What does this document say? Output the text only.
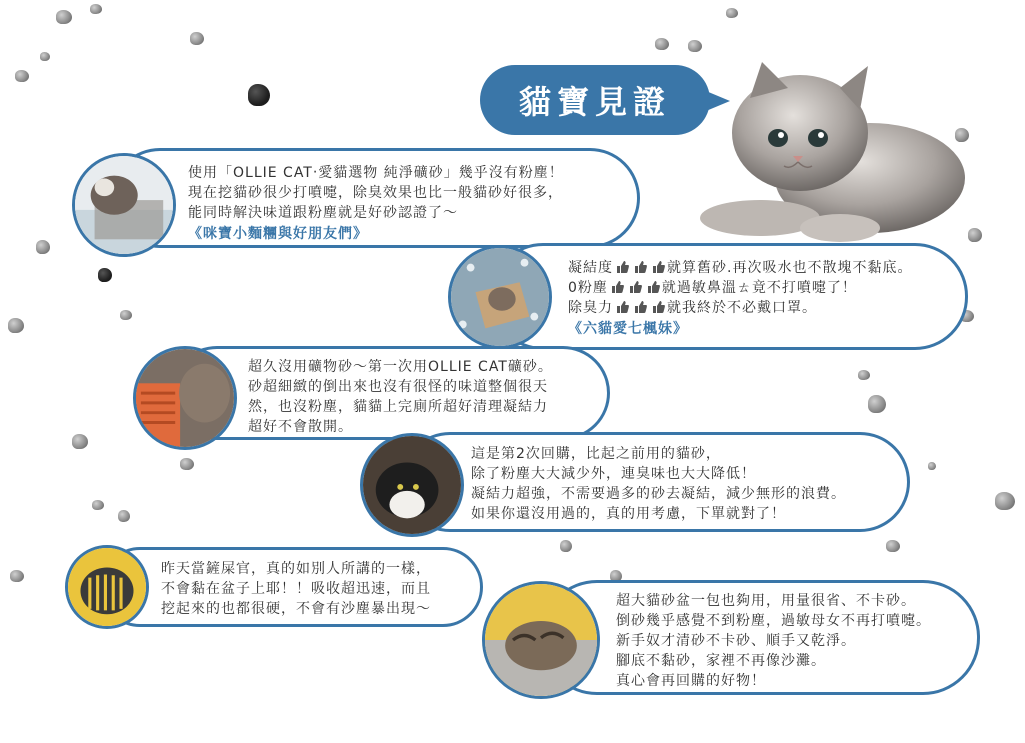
貓寶見證
使用「OLLIE CAT‧愛貓選物 純淨礦砂」幾乎沒有粉塵！
現在挖貓砂很少打噴嚏，除臭效果也比一般貓砂好很多，
能同時解決味道跟粉塵就是好砂認證了～
《咪寶小麵糰與好朋友們》
凝結度	就算舊砂.再次吸水也不散塊不黏底。
0粉塵	就過敏鼻溫ㄊ竟不打噴嚏了！
除臭力	就我終於不必戴口罩。
《六貓愛七楓妹》
超久沒用礦物砂～第一次用OLLIE CAT礦砂。
砂超細緻的倒出來也沒有很怪的味道整個很天
然，也沒粉塵，貓貓上完廁所超好清理凝結力
超好不會散開。
這是第2次回購，比起之前用的貓砂，
除了粉塵大大減少外，連臭味也大大降低！
凝結力超強，不需要過多的砂去凝結，減少無形的浪費。
如果你還沒用過的，真的用考慮，下單就對了！
昨天當鏟屎官，真的如別人所講的一樣，
不會黏在盆子上耶！！吸收超迅速，而且
挖起來的也都很硬，不會有沙塵暴出現～	超大貓砂盆一包也夠用，用量很省、不卡砂。
倒砂幾乎感覺不到粉塵，過敏母女不再打噴嚏。
新手奴才清砂不卡砂、順手又乾淨。
腳底不黏砂，家裡不再像沙灘。
真心會再回購的好物！
